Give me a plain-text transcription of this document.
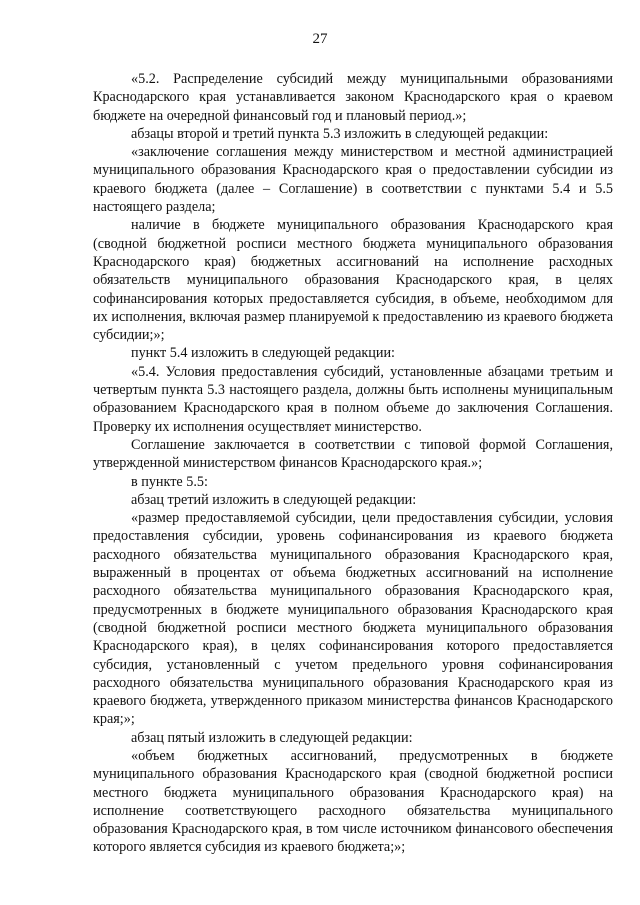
27

«5.2. Распределение субсидий между муниципальными образованиями Краснодарского края устанавливается законом Краснодарского края о краевом бюджете на очередной финансовый год и плановый период.»;

абзацы второй и третий пункта 5.3 изложить в следующей редакции:

«заключение соглашения между министерством и местной администрацией муниципального образования Краснодарского края о предоставлении субсидии из краевого бюджета (далее – Соглашение) в соответствии с пунктами 5.4 и 5.5 настоящего раздела;

наличие в бюджете муниципального образования Краснодарского края (сводной бюджетной росписи местного бюджета муниципального образования Краснодарского края) бюджетных ассигнований на исполнение расходных обязательств муниципального образования Краснодарского края, в целях софинансирования которых предоставляется субсидия, в объеме, необходимом для их исполнения, включая размер планируемой к предоставлению из краевого бюджета субсидии;»;

пункт 5.4 изложить в следующей редакции:

«5.4. Условия предоставления субсидий, установленные абзацами третьим и четвертым пункта 5.3 настоящего раздела, должны быть исполнены муниципальным образованием Краснодарского края в полном объеме до заключения Соглашения. Проверку их исполнения осуществляет министерство.

Соглашение заключается в соответствии с типовой формой Соглашения, утвержденной министерством финансов Краснодарского края.»;

в пункте 5.5:

абзац третий изложить в следующей редакции:

«размер предоставляемой субсидии, цели предоставления субсидии, условия предоставления субсидии, уровень софинансирования из краевого бюджета расходного обязательства муниципального образования Краснодарского края, выраженный в процентах от объема бюджетных ассигнований на исполнение расходного обязательства муниципального образования Краснодарского края, предусмотренных в бюджете муниципального образования Краснодарского края (сводной бюджетной росписи местного бюджета муниципального образования Краснодарского края), в целях софинансирования которого предоставляется субсидия, установленный с учетом предельного уровня софинансирования расходного обязательства муниципального образования Краснодарского края из краевого бюджета, утвержденного приказом министерства финансов Краснодарского края;»;

абзац пятый изложить в следующей редакции:

«объем бюджетных ассигнований, предусмотренных в бюджете муниципального образования Краснодарского края (сводной бюджетной росписи местного бюджета муниципального образования Краснодарского края) на исполнение соответствующего расходного обязательства муниципального образования Краснодарского края, в том числе источником финансового обеспечения которого является субсидия из краевого бюджета;»;
